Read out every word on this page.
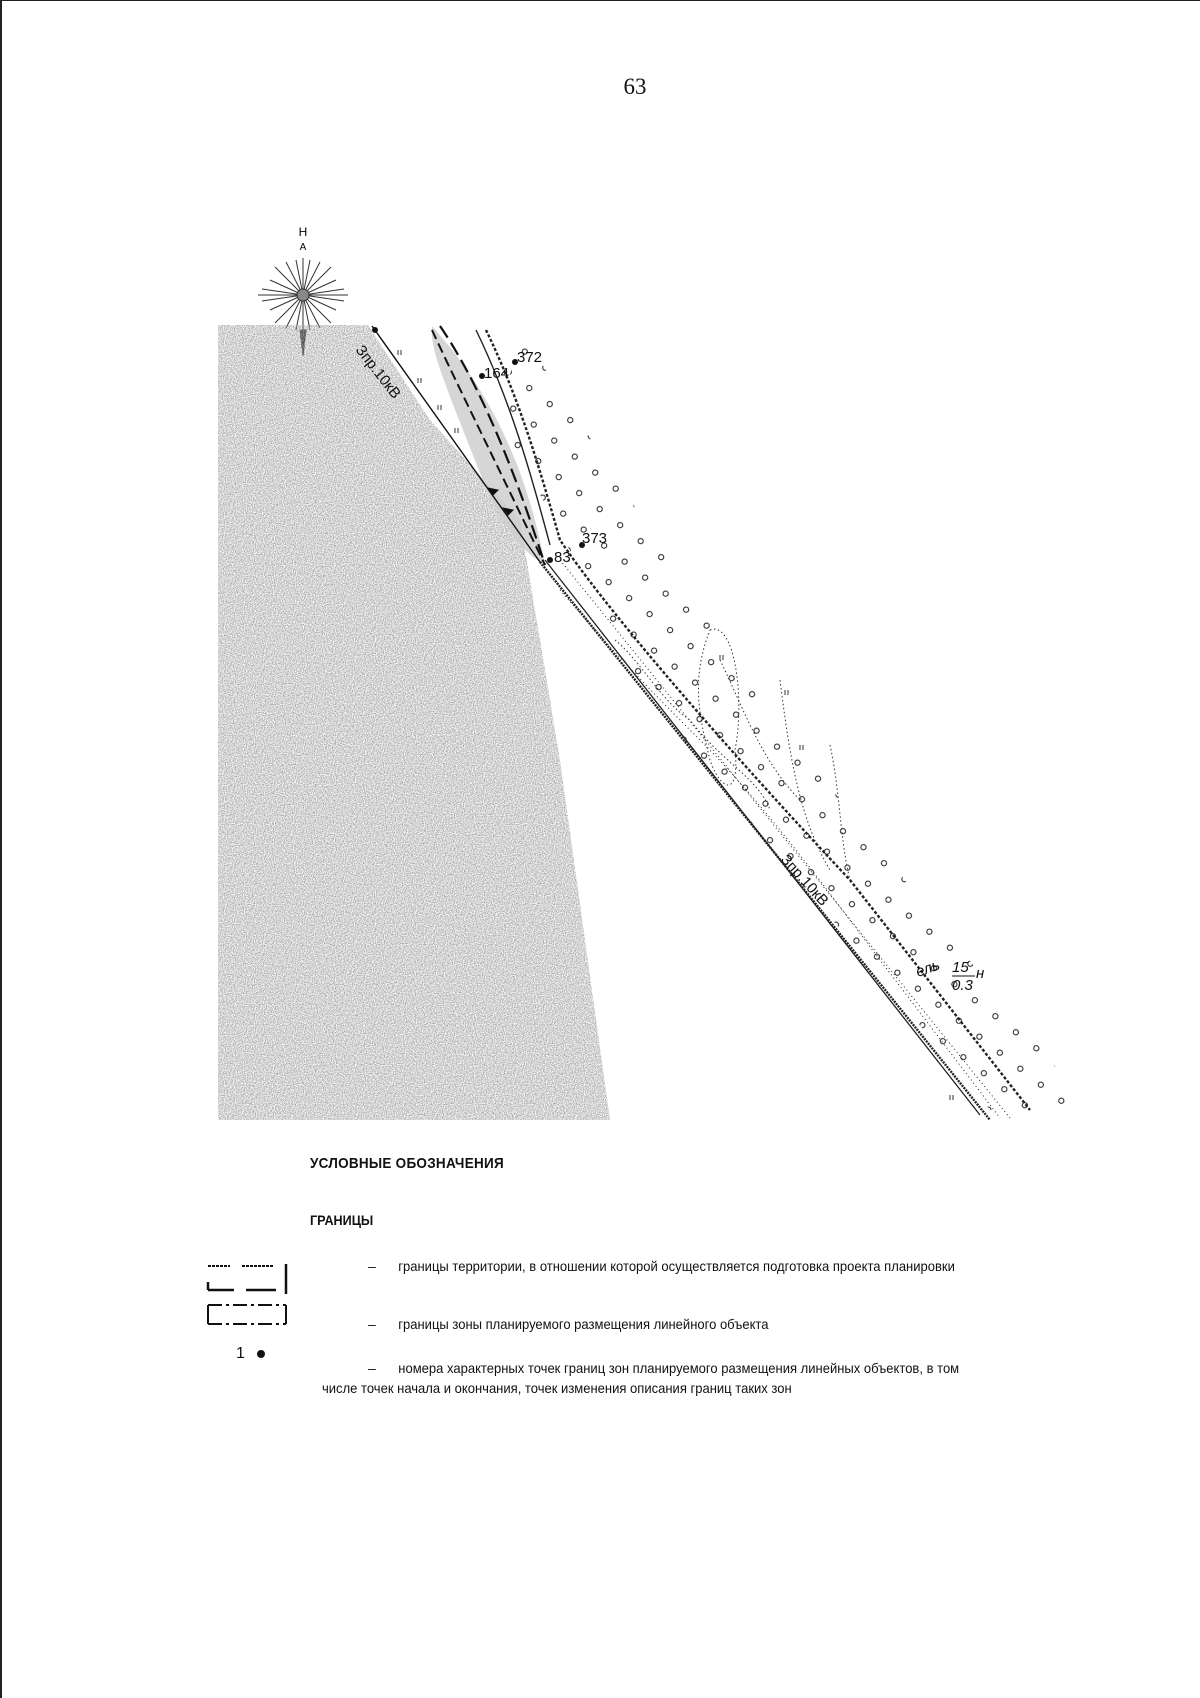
63
Н
A
372
164
373
83
Зпр.10кВ
Зпр.10кВ
ель 15 н
0.3
УСЛОВНЫЕ ОБОЗНАЧЕНИЯ
ГРАНИЦЫ
–	границы территории, в отношении которой осуществляется подготовка проекта планировки
–	границы зоны планируемого размещения линейного объекта
1
–	номера характерных точек границ зон планируемого размещения линейных объектов, в том числе точек начала и окончания, точек изменения описания границ таких зон
